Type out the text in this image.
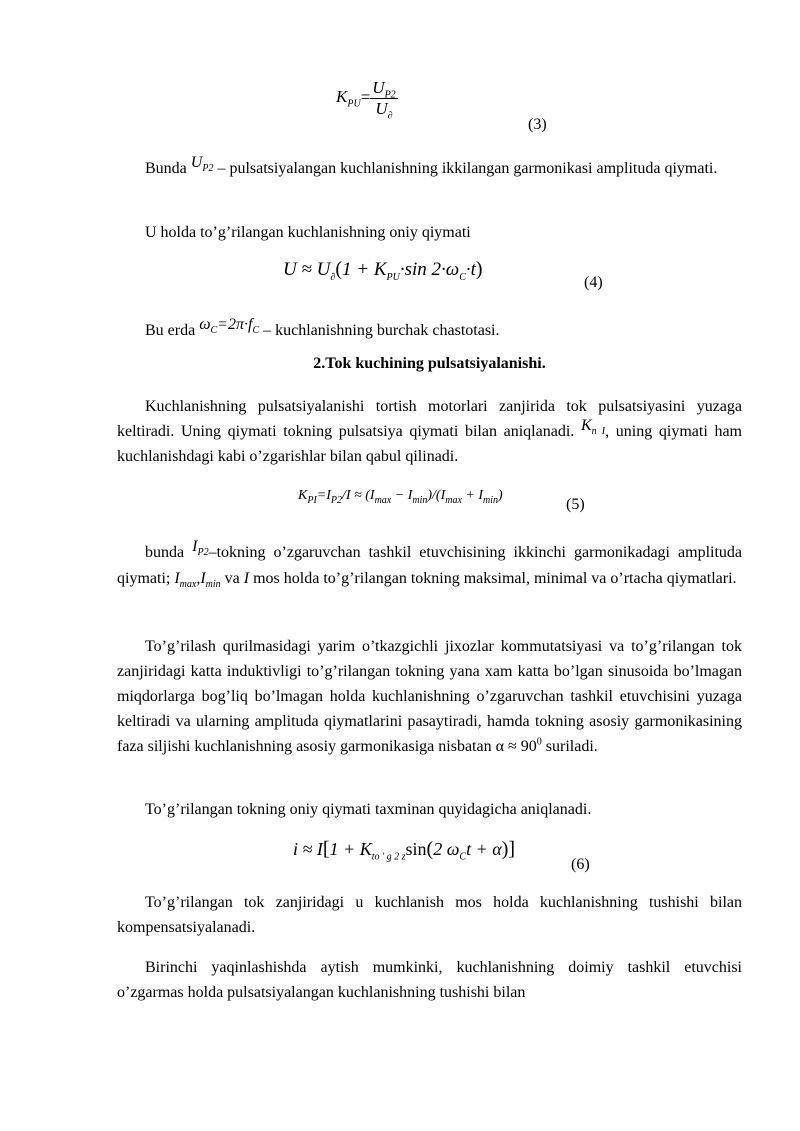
$K_{PU}= \frac{U_{P2}}{U_\partial}$
(3)
Bunda $U_{P2}$ – pulsatsiyalangan kuchlanishning ikkilangan garmonikasi amplituda qiymati.
U holda to’g’rilangan kuchlanishning oniy qiymati
$U \approx U_\partial(1 + K_{PU}\cdot\sin$ $2\cdot\omega_C\cdot t$)
(4)
Bu erda $\omega_C=2\pi\cdot f_C$ – kuchlanishning burchak chastotasi.
2.Tok kuchining pulsatsiyalanishi.
Kuchlanishning pulsatsiyalanishi tortish motorlari zanjirida tok pulsatsiyasini yuzaga keltiradi. Uning qiymati tokning pulsatsiya qiymati bilan aniqlanadi. $K_{п I}$, uning qiymati ham kuchlanishdagi kabi o’zgarishlar bilan qabul qilinadi.
$K_{PI}=I_{P2}/I \approx (I_{max} - I_{min})/(I_{max} + I_{min})$
(5)
bunda $I_{P2}$–tokning o’zgaruvchan tashkil etuvchisining ikkinchi garmonikadagi amplituda qiymati; $I_{max},I_{min}$ va I mos holda to’g’rilangan tokning maksimal, minimal va o’rtacha qiymatlari.
To’g’rilash qurilmasidagi yarim o’tkazgichli jixozlar kommutatsiyasi va to’g’rilangan tok zanjiridagi katta induktivligi to’g’rilangan tokning yana xam katta bo’lgan sinusoida bo’lmagan miqdorlarga bog’liq bo’lmagan holda kuchlanishning o’zgaruvchan tashkil etuvchisini yuzaga keltiradi va ularning amplituda qiymatlarini pasaytiradi, hamda tokning asosiy garmonikasining faza siljishi kuchlanishning asosiy garmonikasiga nisbatan $\alpha \approx 90^0$ suriladi.
To’g’rilangan tokning oniy qiymati taxminan quyidagicha aniqlanadi.
$i \approx I[1 + K_{to ' g 2 z}\sin(2$ $\omega_Ct + \alpha$)]
(6)
To’g’rilangan tok zanjiridagi u kuchlanish mos holda kuchlanishning tushishi bilan kompensatsiyalanadi.
Birinchi yaqinlashishda aytish mumkinki, kuchlanishning doimiy tashkil etuvchisi o’zgarmas holda pulsatsiyalangan kuchlanishning tushishi bilan
